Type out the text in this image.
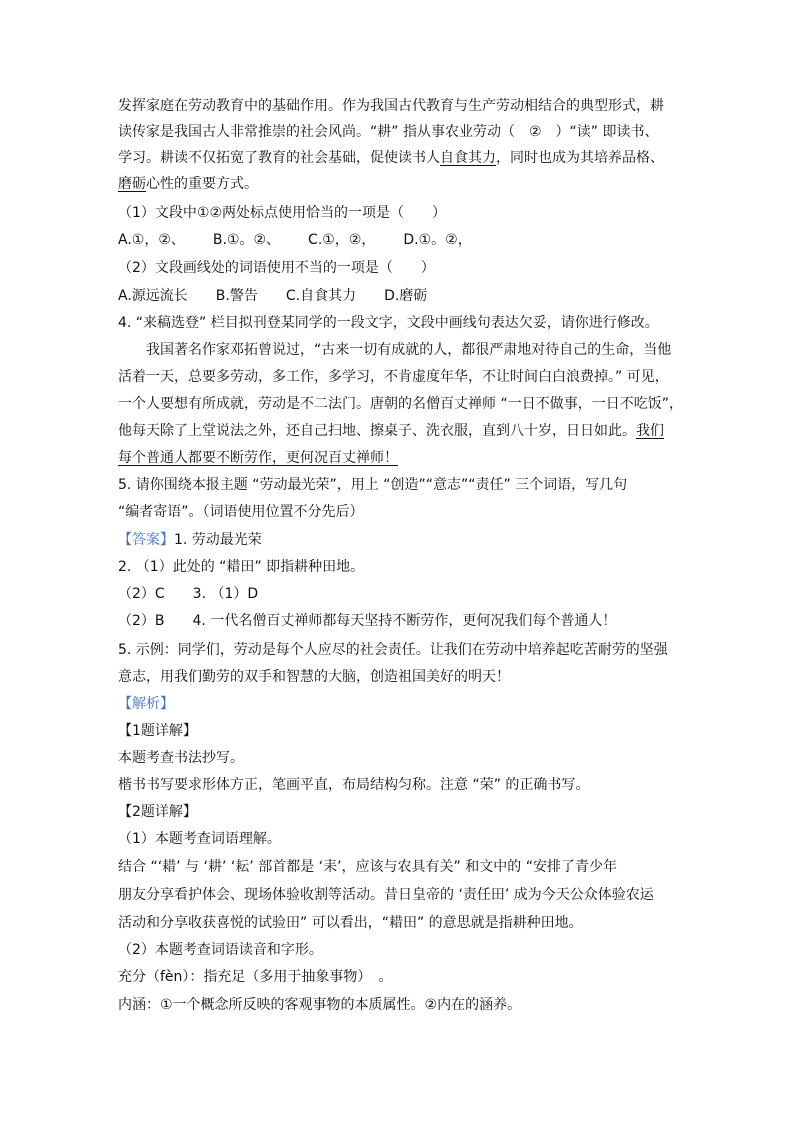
发挥家庭在劳动教育中的基础作用。作为我国古代教育与生产劳动相结合的典型形式，耕
读传家是我国古人非常推崇的社会风尚。“耕” 指从事农业劳动（　②　）“读” 即读书、
学习。耕读不仅拓宽了教育的社会基础，促使读书人自食其力，同时也成为其培养品格、
磨砺心性的重要方式。
（1）文段中①②两处标点使用恰当的一项是（　　）
A.①，②、 B.①。②、 C.①，②， D.①。②，
（2）文段画线处的词语使用不当的一项是（　　）
A.源远流长 B.警告 C.自食其力 D.磨砺
4. “来稿选登” 栏目拟刊登某同学的一段文字，文段中画线句表达欠妥，请你进行修改。
我国著名作家邓拓曾说过，“古来一切有成就的人，都很严肃地对待自己的生命，当他
活着一天，总要多劳动，多工作，多学习，不肯虚度年华，不让时间白白浪费掉。” 可见，
一个人要想有所成就，劳动是不二法门。唐朝的名僧百丈禅师 “一日不做事，一日不吃饭”，
他每天除了上堂说法之外，还自己扫地、擦桌子、洗衣服，直到八十岁，日日如此。我们
每个普通人都要不断劳作，更何况百丈禅师！
5. 请你围绕本报主题 “劳动最光荣”，用上 “创造”“意志”“责任” 三个词语，写几句
“编者寄语”。（词语使用位置不分先后）
【答案】1. 劳动最光荣
2. （1）此处的 “耤田” 即指耕种田地。
（2）C　　3. （1）D
（2）B　　4. 一代名僧百丈禅师都每天坚持不断劳作，更何况我们每个普通人！
5. 示例：同学们，劳动是每个人应尽的社会责任。让我们在劳动中培养起吃苦耐劳的坚强
意志，用我们勤劳的双手和智慧的大脑，创造祖国美好的明天！
【解析】
【1题详解】
本题考查书法抄写。
楷书书写要求形体方正，笔画平直，布局结构匀称。注意 “荣” 的正确书写。
【2题详解】
（1）本题考查词语理解。
结合 “‘耤’ 与 ‘耕’ ‘耘’ 部首都是 ‘耒’，应该与农具有关” 和文中的 “安排了青少年
朋友分享看护体会、现场体验收割等活动。昔日皇帝的 ‘责任田’ 成为今天公众体验农运
活动和分享收获喜悦的试验田” 可以看出，“耤田” 的意思就是指耕种田地。
（2）本题考查词语读音和字形。
充分（fèn）：指充足（多用于抽象事物）　。
内涵：①一个概念所反映的客观事物的本质属性。②内在的涵养。
